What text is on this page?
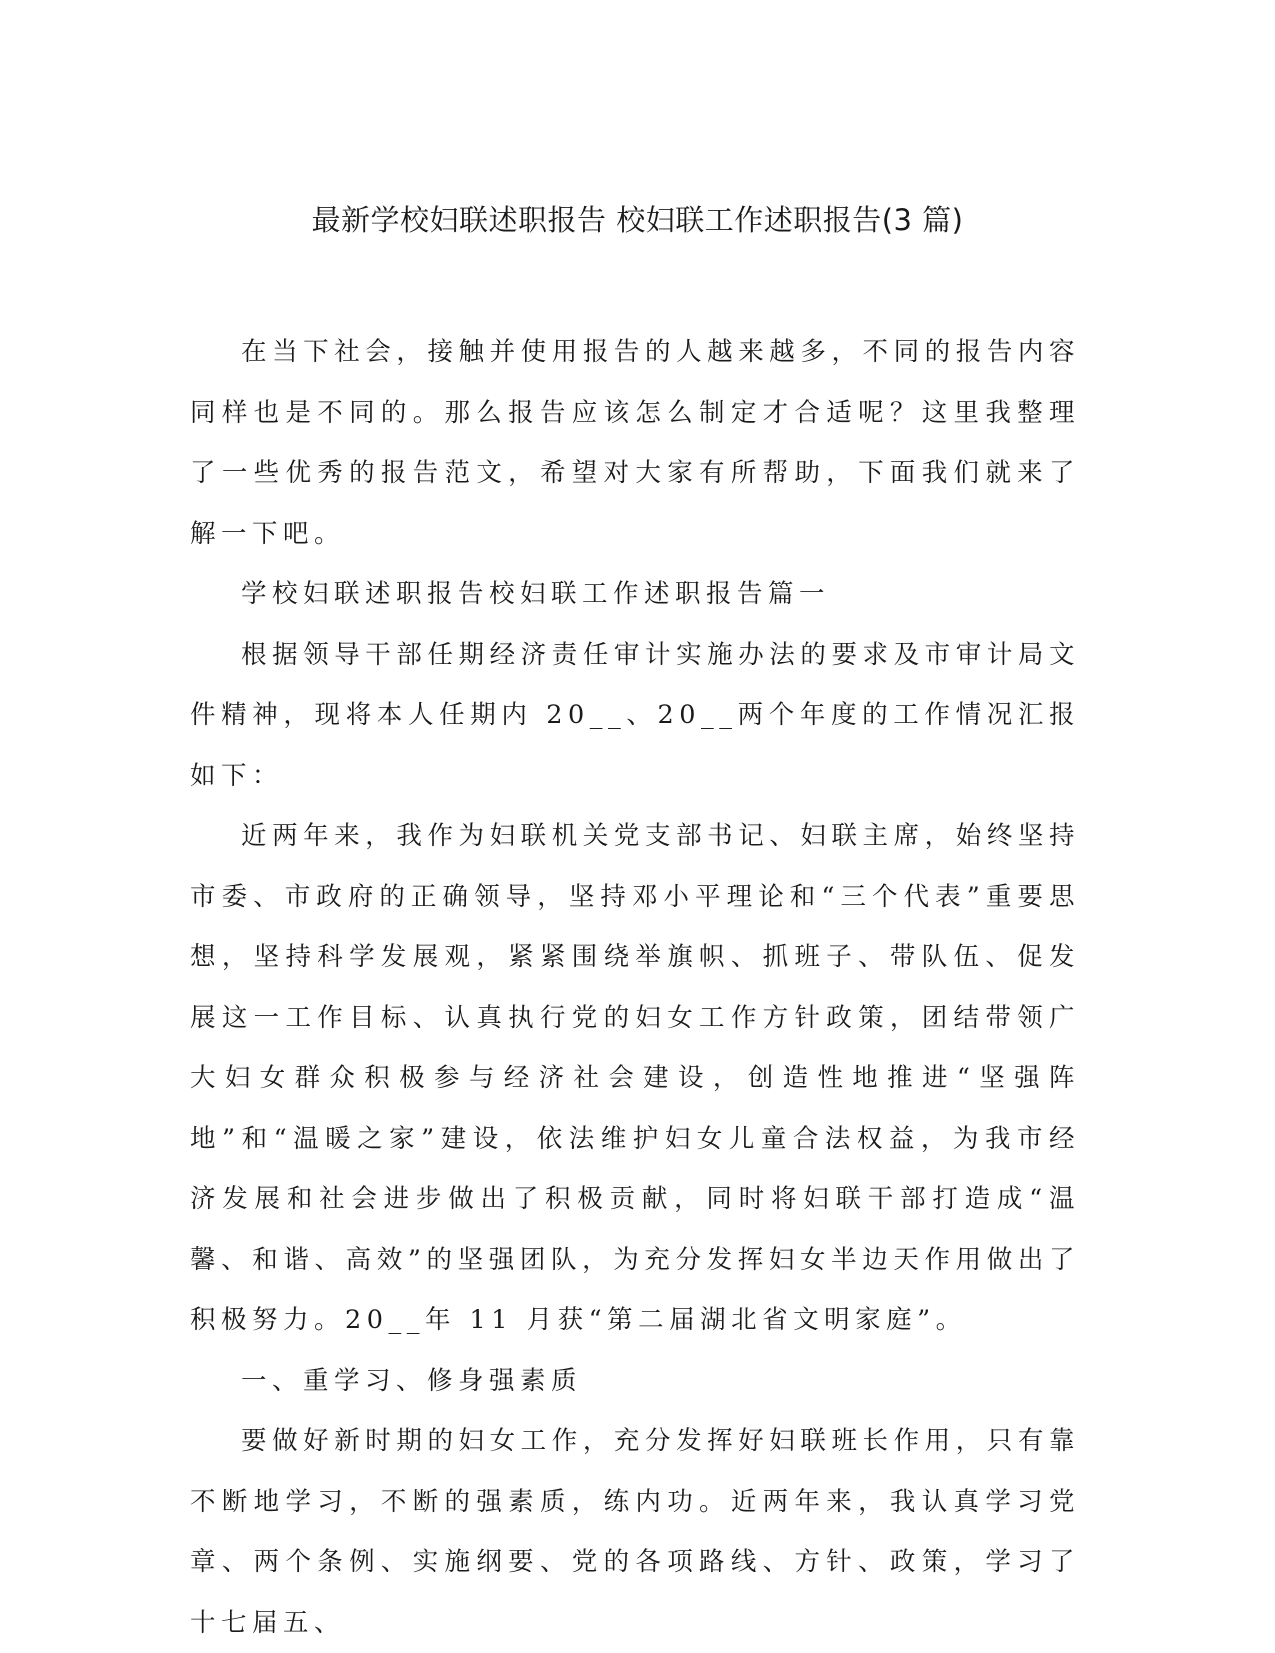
最新学校妇联述职报告 校妇联工作述职报告(3 篇)

在当下社会，接触并使用报告的人越来越多，不同的报告内容同样也是不同的。那么报告应该怎么制定才合适呢？这里我整理了一些优秀的报告范文，希望对大家有所帮助，下面我们就来了解一下吧。

学校妇联述职报告校妇联工作述职报告篇一

根据领导干部任期经济责任审计实施办法的要求及市审计局文件精神，现将本人任期内 20__、20__两个年度的工作情况汇报如下：

近两年来，我作为妇联机关党支部书记、妇联主席，始终坚持市委、市政府的正确领导，坚持邓小平理论和“三个代表”重要思想，坚持科学发展观，紧紧围绕举旗帜、抓班子、带队伍、促发展这一工作目标、认真执行党的妇女工作方针政策，团结带领广大妇女群众积极参与经济社会建设，创造性地推进“坚强阵地”和“温暖之家”建设，依法维护妇女儿童合法权益，为我市经济发展和社会进步做出了积极贡献，同时将妇联干部打造成“温馨、和谐、高效”的坚强团队，为充分发挥妇女半边天作用做出了积极努力。20__年 11 月获“第二届湖北省文明家庭”。

一、重学习、修身强素质

要做好新时期的妇女工作，充分发挥好妇联班长作用，只有靠不断地学习，不断的强素质，练内功。近两年来，我认真学习党章、两个条例、实施纲要、党的各项路线、方针、政策，学习了十七届五、
